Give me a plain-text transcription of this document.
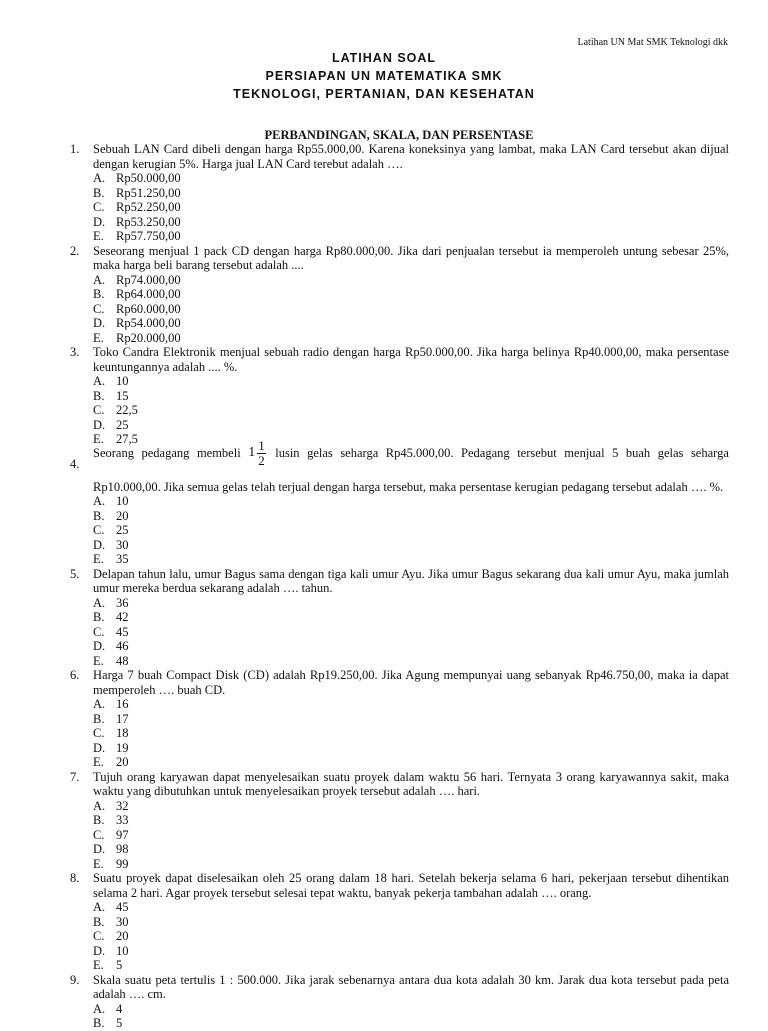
Latihan UN Mat SMK Teknologi dkk
LATIHAN SOAL
PERSIAPAN UN MATEMATIKA SMK
TEKNOLOGI, PERTANIAN, DAN KESEHATAN
PERBANDINGAN, SKALA, DAN PERSENTASE
1. Sebuah LAN Card dibeli dengan harga Rp55.000,00. Karena koneksinya yang lambat, maka LAN Card tersebut akan dijual dengan kerugian 5%. Harga jual LAN Card terebut adalah ….
A. Rp50.000,00
B. Rp51.250,00
C. Rp52.250,00
D. Rp53.250,00
E. Rp57.750,00
2. Seseorang menjual 1 pack CD dengan harga Rp80.000,00. Jika dari penjualan tersebut ia memperoleh untung sebesar 25%, maka harga beli barang tersebut adalah ....
A. Rp74.000,00
B. Rp64.000,00
C. Rp60.000,00
D. Rp54.000,00
E. Rp20.000,00
3. Toko Candra Elektronik menjual sebuah radio dengan harga Rp50.000,00. Jika harga belinya Rp40.000,00, maka persentase keuntungannya adalah .... %.
A. 10
B. 15
C. 22,5
D. 25
E. 27,5
4.
Seorang pedagang membeli $1 \frac{1}{2}$ lusin gelas seharga Rp45.000,00. Pedagang tersebut menjual 5 buah gelas seharga
Rp10.000,00. Jika semua gelas telah terjual dengan harga tersebut, maka persentase kerugian pedagang tersebut adalah …. %.
A. 10
B. 20
C. 25
D. 30
E. 35
5. Delapan tahun lalu, umur Bagus sama dengan tiga kali umur Ayu. Jika umur Bagus sekarang dua kali umur Ayu, maka jumlah umur mereka berdua sekarang adalah …. tahun.
A. 36
B. 42
C. 45
D. 46
E. 48
6. Harga 7 buah Compact Disk (CD) adalah Rp19.250,00. Jika Agung mempunyai uang sebanyak Rp46.750,00, maka ia dapat memperoleh …. buah CD.
A. 16
B. 17
C. 18
D. 19
E. 20
7. Tujuh orang karyawan dapat menyelesaikan suatu proyek dalam waktu 56 hari. Ternyata 3 orang karyawannya sakit, maka waktu yang dibutuhkan untuk menyelesaikan proyek tersebut adalah …. hari.
A. 32
B. 33
C. 97
D. 98
E. 99
8. Suatu proyek dapat diselesaikan oleh 25 orang dalam 18 hari. Setelah bekerja selama 6 hari, pekerjaan tersebut dihentikan selama 2 hari. Agar proyek tersebut selesai tepat waktu, banyak pekerja tambahan adalah …. orang.
A. 45
B. 30
C. 20
D. 10
E. 5
9. Skala suatu peta tertulis 1 : 500.000. Jika jarak sebenarnya antara dua kota adalah 30 km. Jarak dua kota tersebut pada peta adalah …. cm.
A. 4
B. 5
